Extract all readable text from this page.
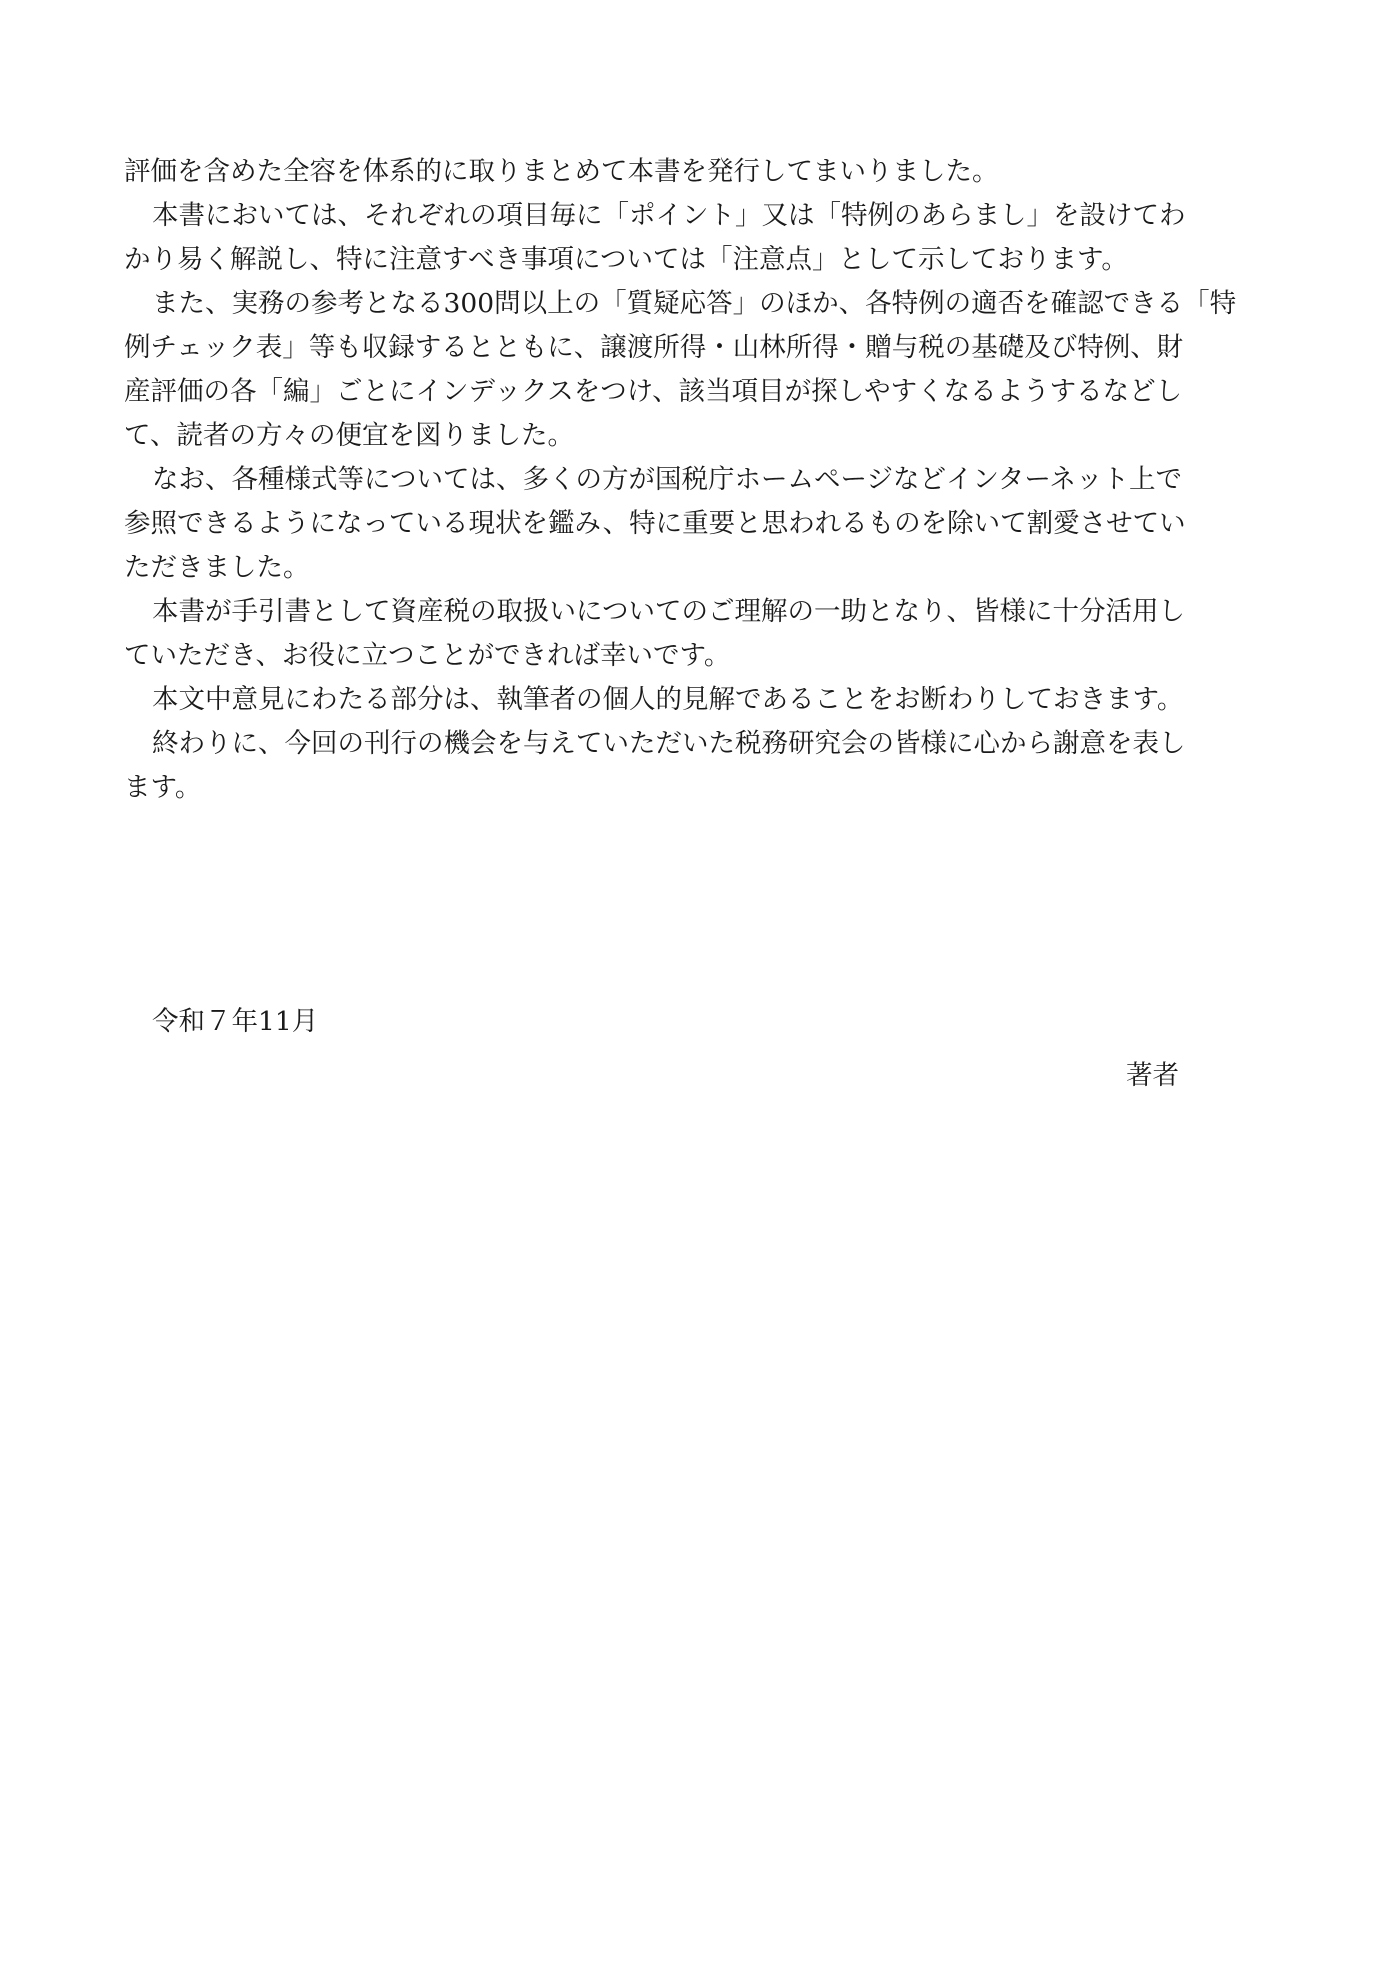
評価を含めた全容を体系的に取りまとめて本書を発行してまいりました。
本書においては、それぞれの項目毎に「ポイント」又は「特例のあらまし」を設けてわ
かり易く解説し、特に注意すべき事項については「注意点」として示しております。
また、実務の参考となる300問以上の「質疑応答」のほか、各特例の適否を確認できる「特
例チェック表」等も収録するとともに、譲渡所得・山林所得・贈与税の基礎及び特例、財
産評価の各「編」ごとにインデックスをつけ、該当項目が探しやすくなるようするなどし
て、読者の方々の便宜を図りました。
なお、各種様式等については、多くの方が国税庁ホームページなどインターネット上で
参照できるようになっている現状を鑑み、特に重要と思われるものを除いて割愛させてい
ただきました。
本書が手引書として資産税の取扱いについてのご理解の一助となり、皆様に十分活用し
ていただき、お役に立つことができれば幸いです。
本文中意見にわたる部分は、執筆者の個人的見解であることをお断わりしておきます。
終わりに、今回の刊行の機会を与えていただいた税務研究会の皆様に心から謝意を表し
ます。
令和７年11月
著者
